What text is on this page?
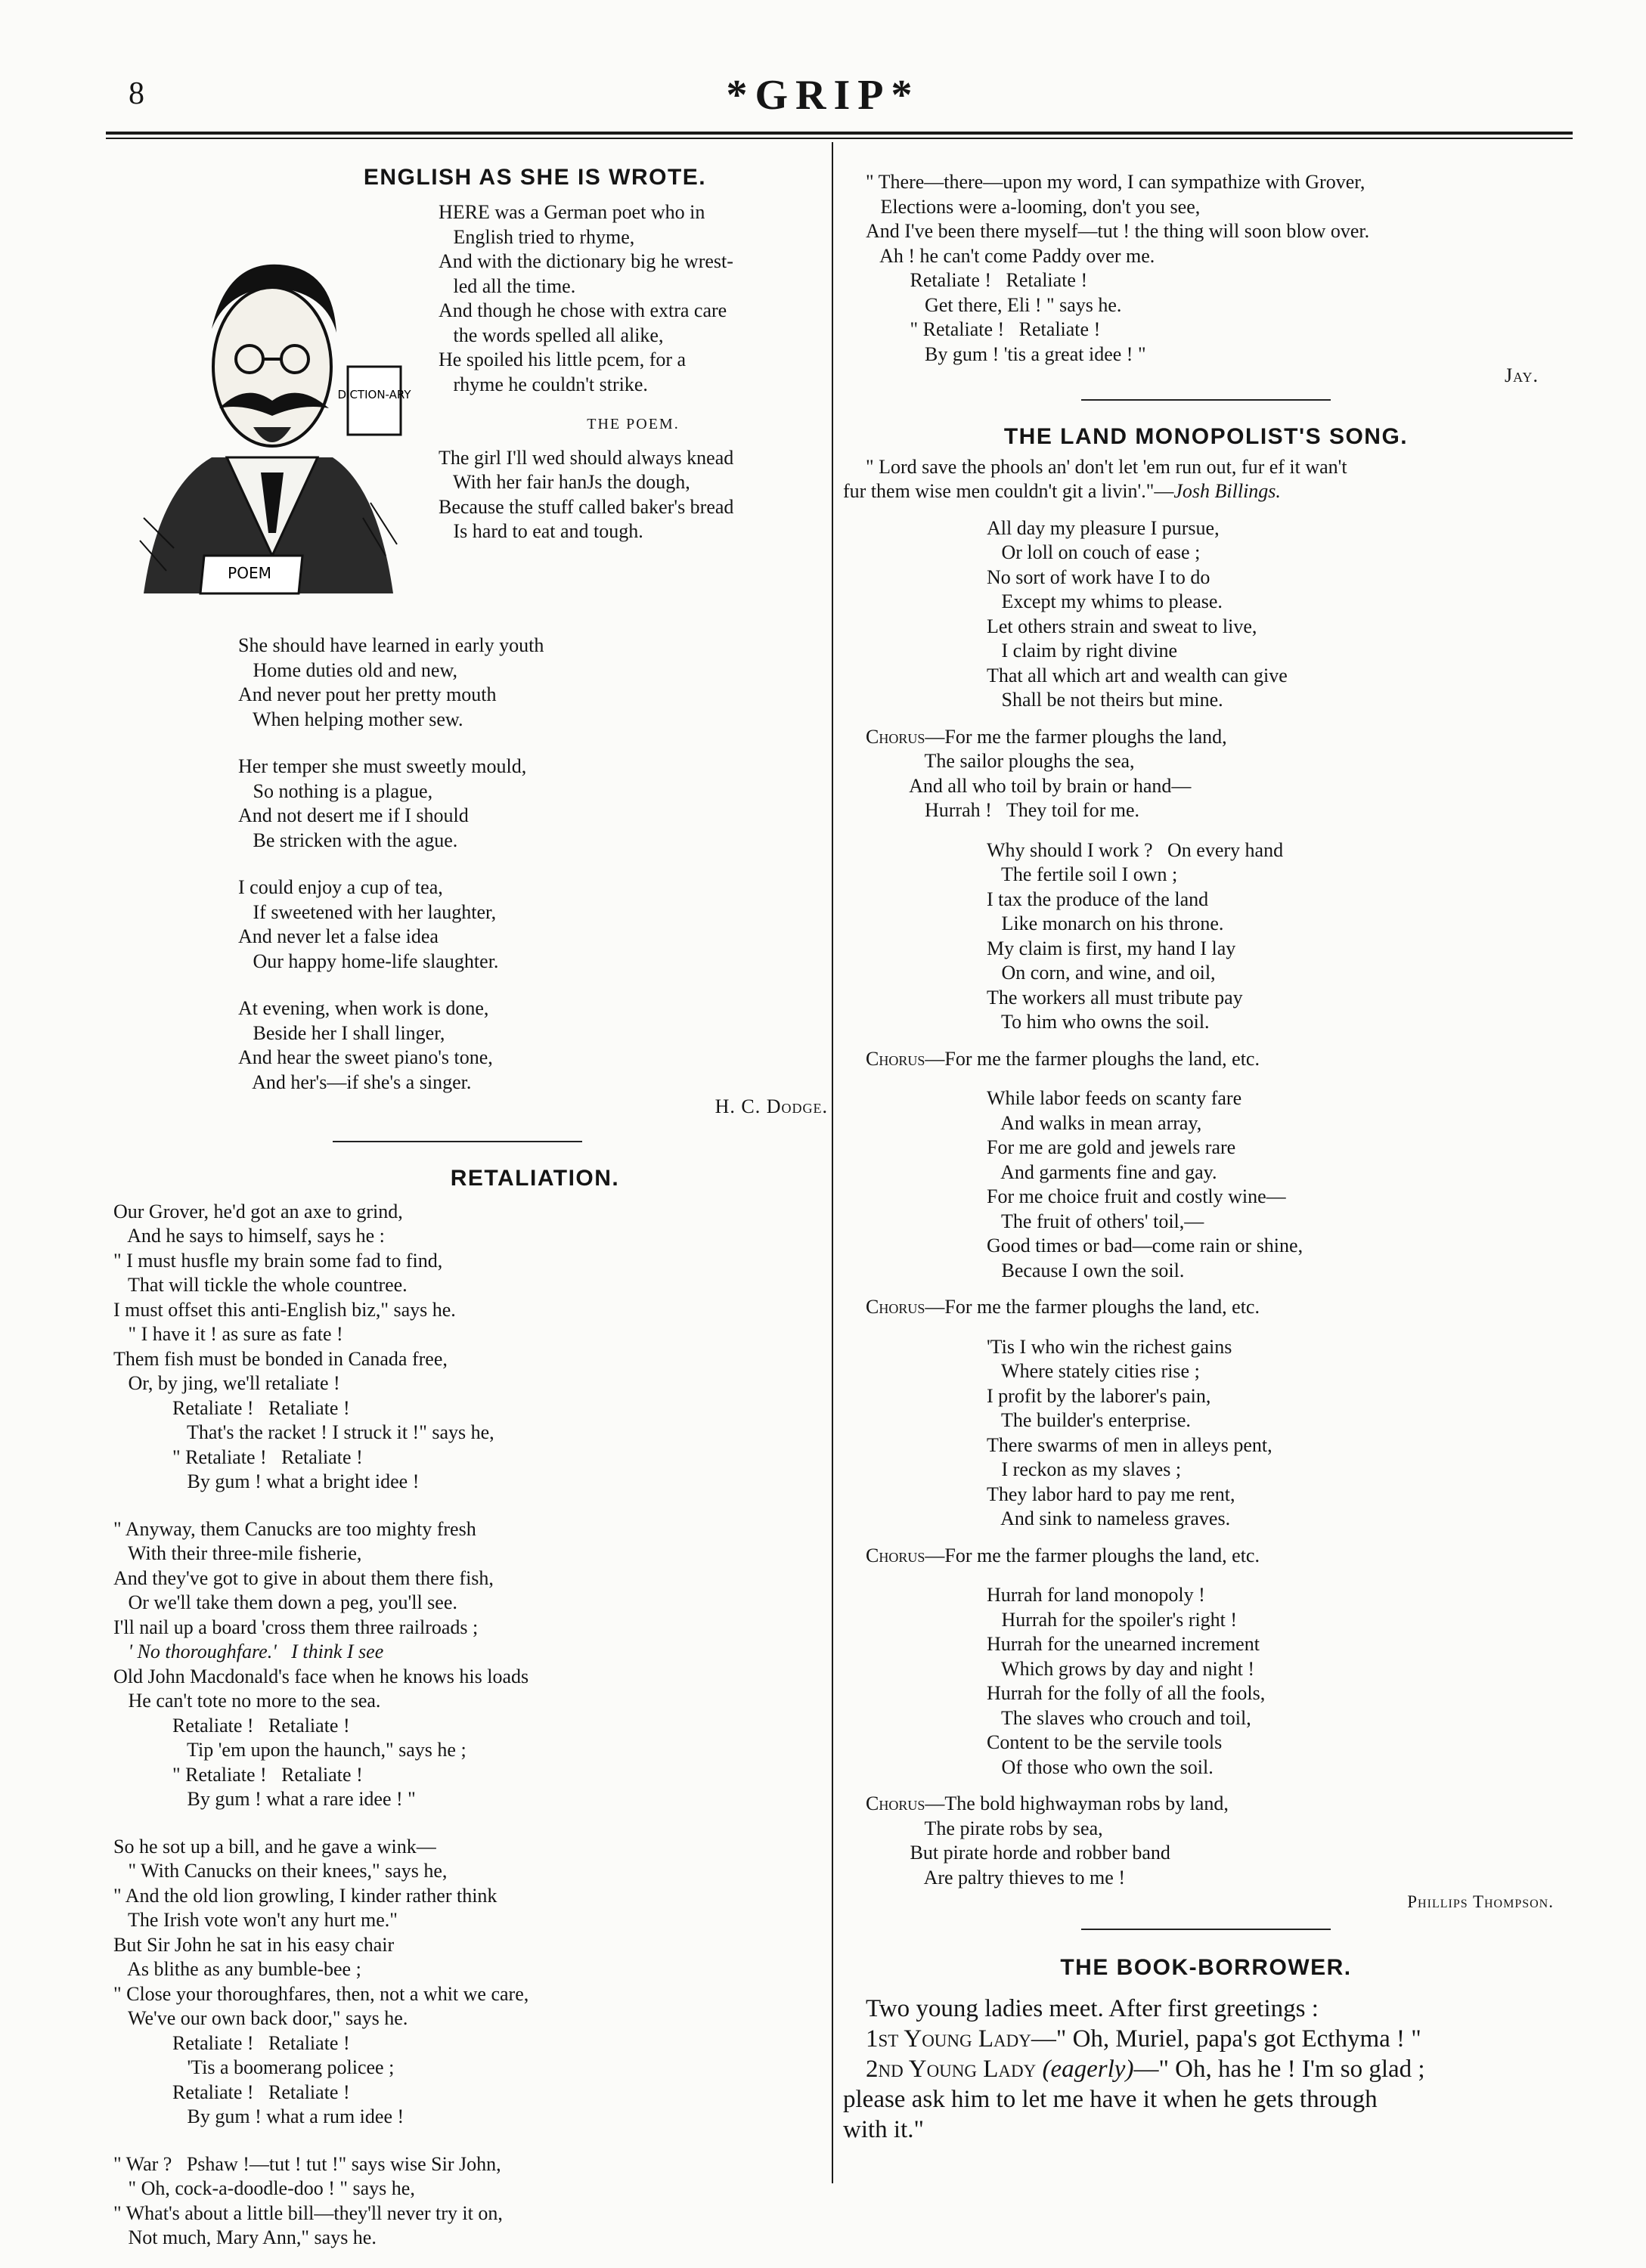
8	*GRIP*
ENGLISH AS SHE IS WROTE.
DICTION-ARY
POEM
HERE was a German poet who in
English tried to rhyme,
And with the dictionary big he wrest-
led all the time.
And though he chose with extra care
the words spelled all alike,
He spoiled his little pcem, for a
rhyme he couldn't strike.
THE POEM.
The girl I'll wed should always knead
With her fair hanJs the dough,
Because the stuff called baker's bread
Is hard to eat and tough.
She should have learned in early youth
Home duties old and new,
And never pout her pretty mouth
When helping mother sew.
Her temper she must sweetly mould,
So nothing is a plague,
And not desert me if I should
Be stricken with the ague.
I could enjoy a cup of tea,
If sweetened with her laughter,
And never let a false idea
Our happy home-life slaughter.
At evening, when work is done,
Beside her I shall linger,
And hear the sweet piano's tone,
And her's—if she's a singer.
H. C. Dodge.
RETALIATION.
Our Grover, he'd got an axe to grind,
And he says to himself, says he :
" I must husfle my brain some fad to find,
That will tickle the whole countree.
I must offset this anti-English biz," says he.
" I have it ! as sure as fate !
Them fish must be bonded in Canada free,
Or, by jing, we'll retaliate !
Retaliate !   Retaliate !
That's the racket ! I struck it !" says he,
" Retaliate !   Retaliate !
By gum ! what a bright idee !
" Anyway, them Canucks are too mighty fresh
With their three-mile fisherie,
And they've got to give in about them there fish,
Or we'll take them down a peg, you'll see.
I'll nail up a board 'cross them three railroads ;
' No thoroughfare.'   I think I see
Old John Macdonald's face when he knows his loads
He can't tote no more to the sea.
Retaliate !   Retaliate !
Tip 'em upon the haunch," says he ;
" Retaliate !   Retaliate !
By gum ! what a rare idee ! "
So he sot up a bill, and he gave a wink—
" With Canucks on their knees," says he,
" And the old lion growling, I kinder rather think
The Irish vote won't any hurt me."
But Sir John he sat in his easy chair
As blithe as any bumble-bee ;
" Close your thoroughfares, then, not a whit we care,
We've our own back door," says he.
Retaliate !   Retaliate !
'Tis a boomerang policee ;
Retaliate !   Retaliate !
By gum ! what a rum idee !
" War ?   Pshaw !—tut ! tut !" says wise Sir John,
" Oh, cock-a-doodle-doo ! " says he,
" What's about a little bill—they'll never try it on,
Not much, Mary Ann," says he.
" There—there—upon my word, I can sympathize with Grover,
Elections were a-looming, don't you see,
And I've been there myself—tut ! the thing will soon blow over.
Ah ! he can't come Paddy over me.
Retaliate !   Retaliate !
Get there, Eli ! " says he.
" Retaliate !   Retaliate !
By gum ! 'tis a great idee ! "
Jay.
THE LAND MONOPOLIST'S SONG.
" Lord save the phools an' don't let 'em run out, fur ef it wan't
fur them wise men couldn't git a livin'."—Josh Billings.
All day my pleasure I pursue,
Or loll on couch of ease ;
No sort of work have I to do
Except my whims to please.
Let others strain and sweat to live,
I claim by right divine
That all which art and wealth can give
Shall be not theirs but mine.
Chorus—For me the farmer ploughs the land,
The sailor ploughs the sea,
And all who toil by brain or hand—
Hurrah !   They toil for me.
Why should I work ?   On every hand
The fertile soil I own ;
I tax the produce of the land
Like monarch on his throne.
My claim is first, my hand I lay
On corn, and wine, and oil,
The workers all must tribute pay
To him who owns the soil.
Chorus—For me the farmer ploughs the land, etc.
While labor feeds on scanty fare
And walks in mean array,
For me are gold and jewels rare
And garments fine and gay.
For me choice fruit and costly wine—
The fruit of others' toil,—
Good times or bad—come rain or shine,
Because I own the soil.
Chorus—For me the farmer ploughs the land, etc.
'Tis I who win the richest gains
Where stately cities rise ;
I profit by the laborer's pain,
The builder's enterprise.
There swarms of men in alleys pent,
I reckon as my slaves ;
They labor hard to pay me rent,
And sink to nameless graves.
Chorus—For me the farmer ploughs the land, etc.
Hurrah for land monopoly !
Hurrah for the spoiler's right !
Hurrah for the unearned increment
Which grows by day and night !
Hurrah for the folly of all the fools,
The slaves who crouch and toil,
Content to be the servile tools
Of those who own the soil.
Chorus—The bold highwayman robs by land,
The pirate robs by sea,
But pirate horde and robber band
Are paltry thieves to me !
Phillips Thompson.
THE BOOK-BORROWER.
Two young ladies meet. After first greetings :
1st Young Lady—" Oh, Muriel, papa's got Ecthyma ! "
2nd Young Lady (eagerly)—" Oh, has he ! I'm so glad ;
please ask him to let me have it when he gets through
with it."
